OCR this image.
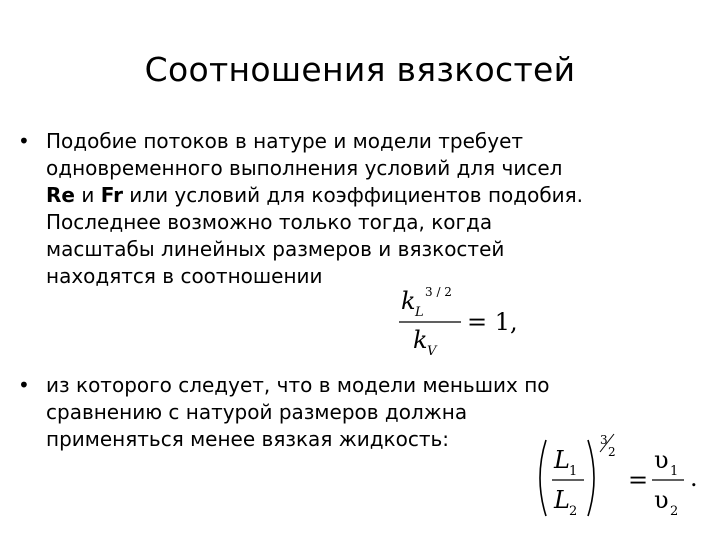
Соотношения вязкостей
• Подобие потоков в натуре и модели требует
одновременного выполнения условий для чисел
Re и Fr или условий для коэффициентов подобия.
Последнее возможно только тогда, когда
масштабы линейных размеров и вязкостей
находятся в соотношении
k L
3 / 2
k V
= 1,
• из которого следует, что в модели меньших по
сравнению с натурой размеров должна
применяться менее вязкая жидкость:
L 1
L 2
3
2
=
υ 1
υ 2
.
